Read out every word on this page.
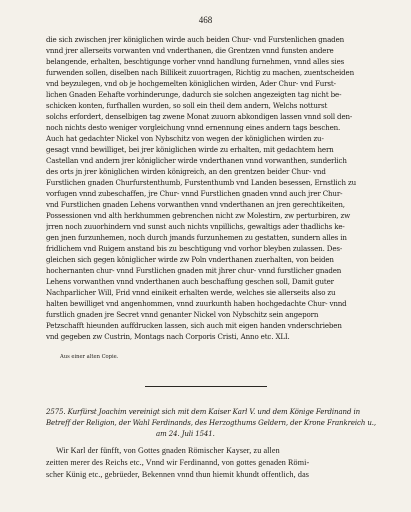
468
die sich zwischen jrer königlichen wirde auch beiden Chur- vnd Furstenlichen gnaden
vnnd jrer allerseits vorwanten vnd vnderthanen, die Grentzen vnnd funsten andere
belangende, erhalten, beschtigunge vorher vnnd handlung furnehmen, vnnd alles sies
furwenden sollen, diselben nach Billikeit zuuortragen, Richtig zu machen, zuentscheiden
vnd beyzulegen, vnd ob je hochgemelten königlichen wirden, Ader Chur- vnd Furst-
lichen Gnaden Eehafte vorhinderunge, dadurch sie solchen angezeigten tag nicht be-
schicken konten, furfhallen wurden, so soll ein theil dem andern, Welchs notturst
solchs erfordert, denselbigen tag zwene Monat zuuorn abkondigen lassen vnnd soll den-
noch nichts desto weniger vorgleichung vnnd ernennung eines andern tags beschen.
Auch hat gedachter Nickel von Nybschitz von wegen der königlichen wirden zu-
gesagt vnnd bewilliget, bei jrer königlichen wirde zu erhalten, mit gedachtem hern
Castellan vnd andern jrer königlicher wirde vnderthanen vnnd vorwanthen, sunderlich
des orts jn jrer königlichen wirden königreich, an den grentzen beider Chur- vnd
Furstlichen gnaden Churfurstenthumb, Furstenthumb vnd Landen besessen, Ernstlich zu
vorfugen vnnd zubeschaffen, jre Chur- vnnd Furstlichen gnaden vnnd auch jrer Chur-
vnd Furstlichen gnaden Lehens vorwanthen vnnd vnderthanen an jren gerechtikeiten,
Possessionen vnd alth herkhummen gebrenchen nicht zw Molestirn, zw perturbiren, zw
jrren noch zuuorhindern vnd sunst auch nichts vnpillichs, gewaltigs ader thadlichs ke-
gen jnen furzunhemen, noch durch jmands furzunhemen zu gestatten, sundern alles in
fridlichem vnd Ruigem anstand bis zu beschtigung vnd vorhor bleyben zulassen. Des-
gleichen sich gegen königlicher wirde zw Poln vnderthanen zuerhalten, von beiden
hochernanten chur- vnnd Furstlichen gnaden mit jhrer chur- vnnd furstlicher gnaden
Lehens vorwanthen vnnd vnderthanen auch beschaffung geschen soll, Damit guter
Nachparlicher Will, Frid vnnd einikeit erhalten werde, welches sie allerseits also zu
halten bewilliget vnd angenhommen, vnnd zuurkunth haben hochgedachte Chur- vnnd
furstlich gnaden jre Secret vnnd genanter Nickel von Nybschitz sein angeporn
Petzschafft hieunden auffdrucken lassen, sich auch mit eigen handen vnderschrieben
vnd gegeben zw Custrin, Montags nach Corporis Cristi, Anno etc. XLI.
Aus einer alten Copie.
2575. Kurfürst Joachim vereinigt sich mit dem Kaiser Karl V. und dem Könige Ferdinand in
Betreff der Religion, der Wahl Ferdinands, des Herzogthums Geldern, der Krone Frankreich u.,
am 24. Juli 1541.
Wir Karl der fünfft, von Gottes gnaden Römischer Kayser, zu allen
zeitten merer des Reichs etc., Vnnd wir Ferdinannd, von gottes genaden Römi-
scher Künig etc., gebrüeder, Bekennen vnnd thun hiemit khundt offentlich, das
